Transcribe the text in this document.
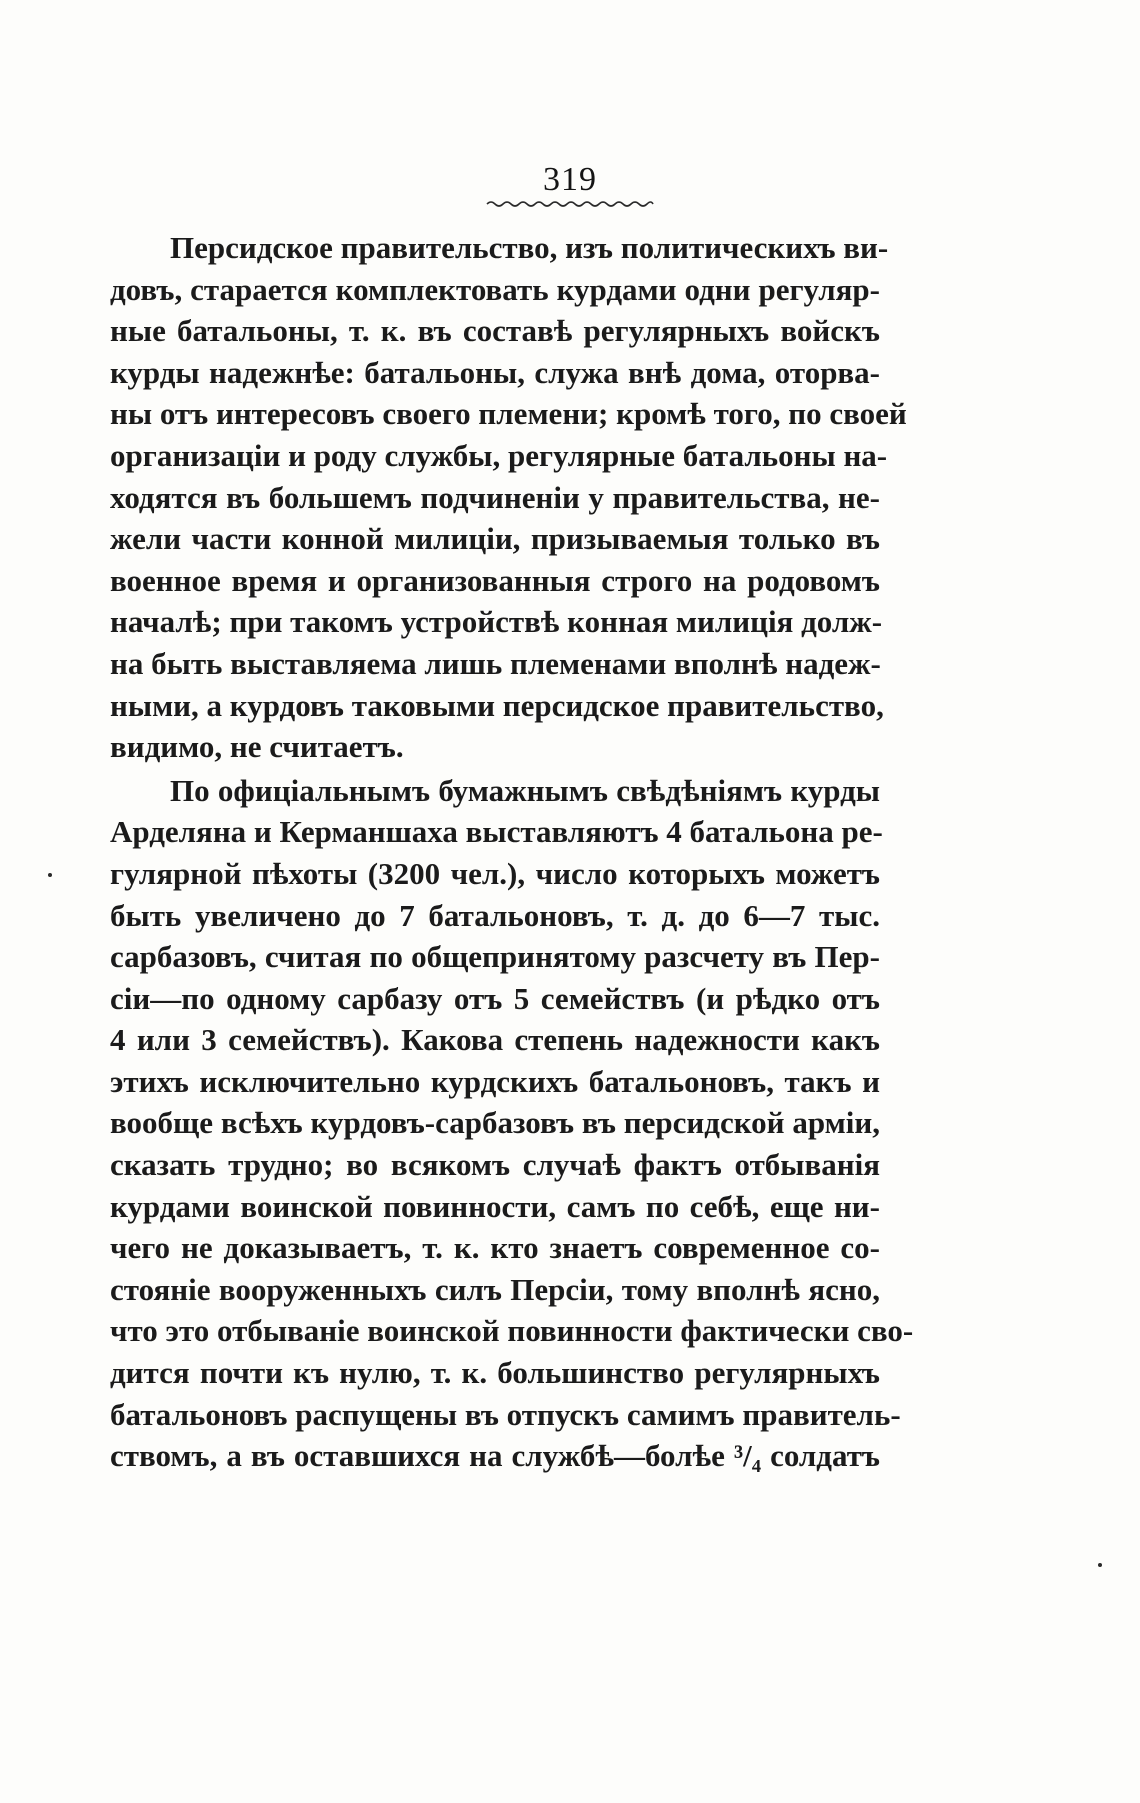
319

Персидское правительство, изъ политическихъ ви-
довъ, старается комплектовать курдами одни регуляр-
ные батальоны, т. к. въ составѣ регулярныхъ войскъ
курды надежнѣе: батальоны, служа внѣ дома, оторва-
ны отъ интересовъ своего племени; кромѣ того, по своей
организаціи и роду службы, регулярные батальоны на-
ходятся въ большемъ подчиненіи у правительства, не-
жели части конной милиціи, призываемыя только въ
военное время и организованныя строго на родовомъ
началѣ; при такомъ устройствѣ конная милиція долж-
на быть выставляема лишь племенами вполнѣ надеж-
ными, а курдовъ таковыми персидское правительство,
видимо, не считаетъ.

По офиціальнымъ бумажнымъ свѣдѣніямъ курды
Арделяна и Керманшаха выставляютъ 4 батальона ре-
гулярной пѣхоты (3200 чел.), число которыхъ можетъ
быть увеличено до 7 батальоновъ, т. д. до 6—7 тыс.
сарбазовъ, считая по общепринятому разсчету въ Пер-
сіи—по одному сарбазу отъ 5 семействъ (и рѣдко отъ
4 или 3 семействъ). Какова степень надежности какъ
этихъ исключительно курдскихъ батальоновъ, такъ и
вообще всѣхъ курдовъ-сарбазовъ въ персидской арміи,
сказать трудно; во всякомъ случаѣ фактъ отбыванія
курдами воинской повинности, самъ по себѣ, еще ни-
чего не доказываетъ, т. к. кто знаетъ современное со-
стояніе вооруженныхъ силъ Персіи, тому вполнѣ ясно,
что это отбываніе воинской повинности фактически сво-
дится почти къ нулю, т. к. большинство регулярныхъ
батальоновъ распущены въ отпускъ самимъ правитель-
ствомъ, а въ оставшихся на службѣ—болѣе ³/₄ солдатъ
